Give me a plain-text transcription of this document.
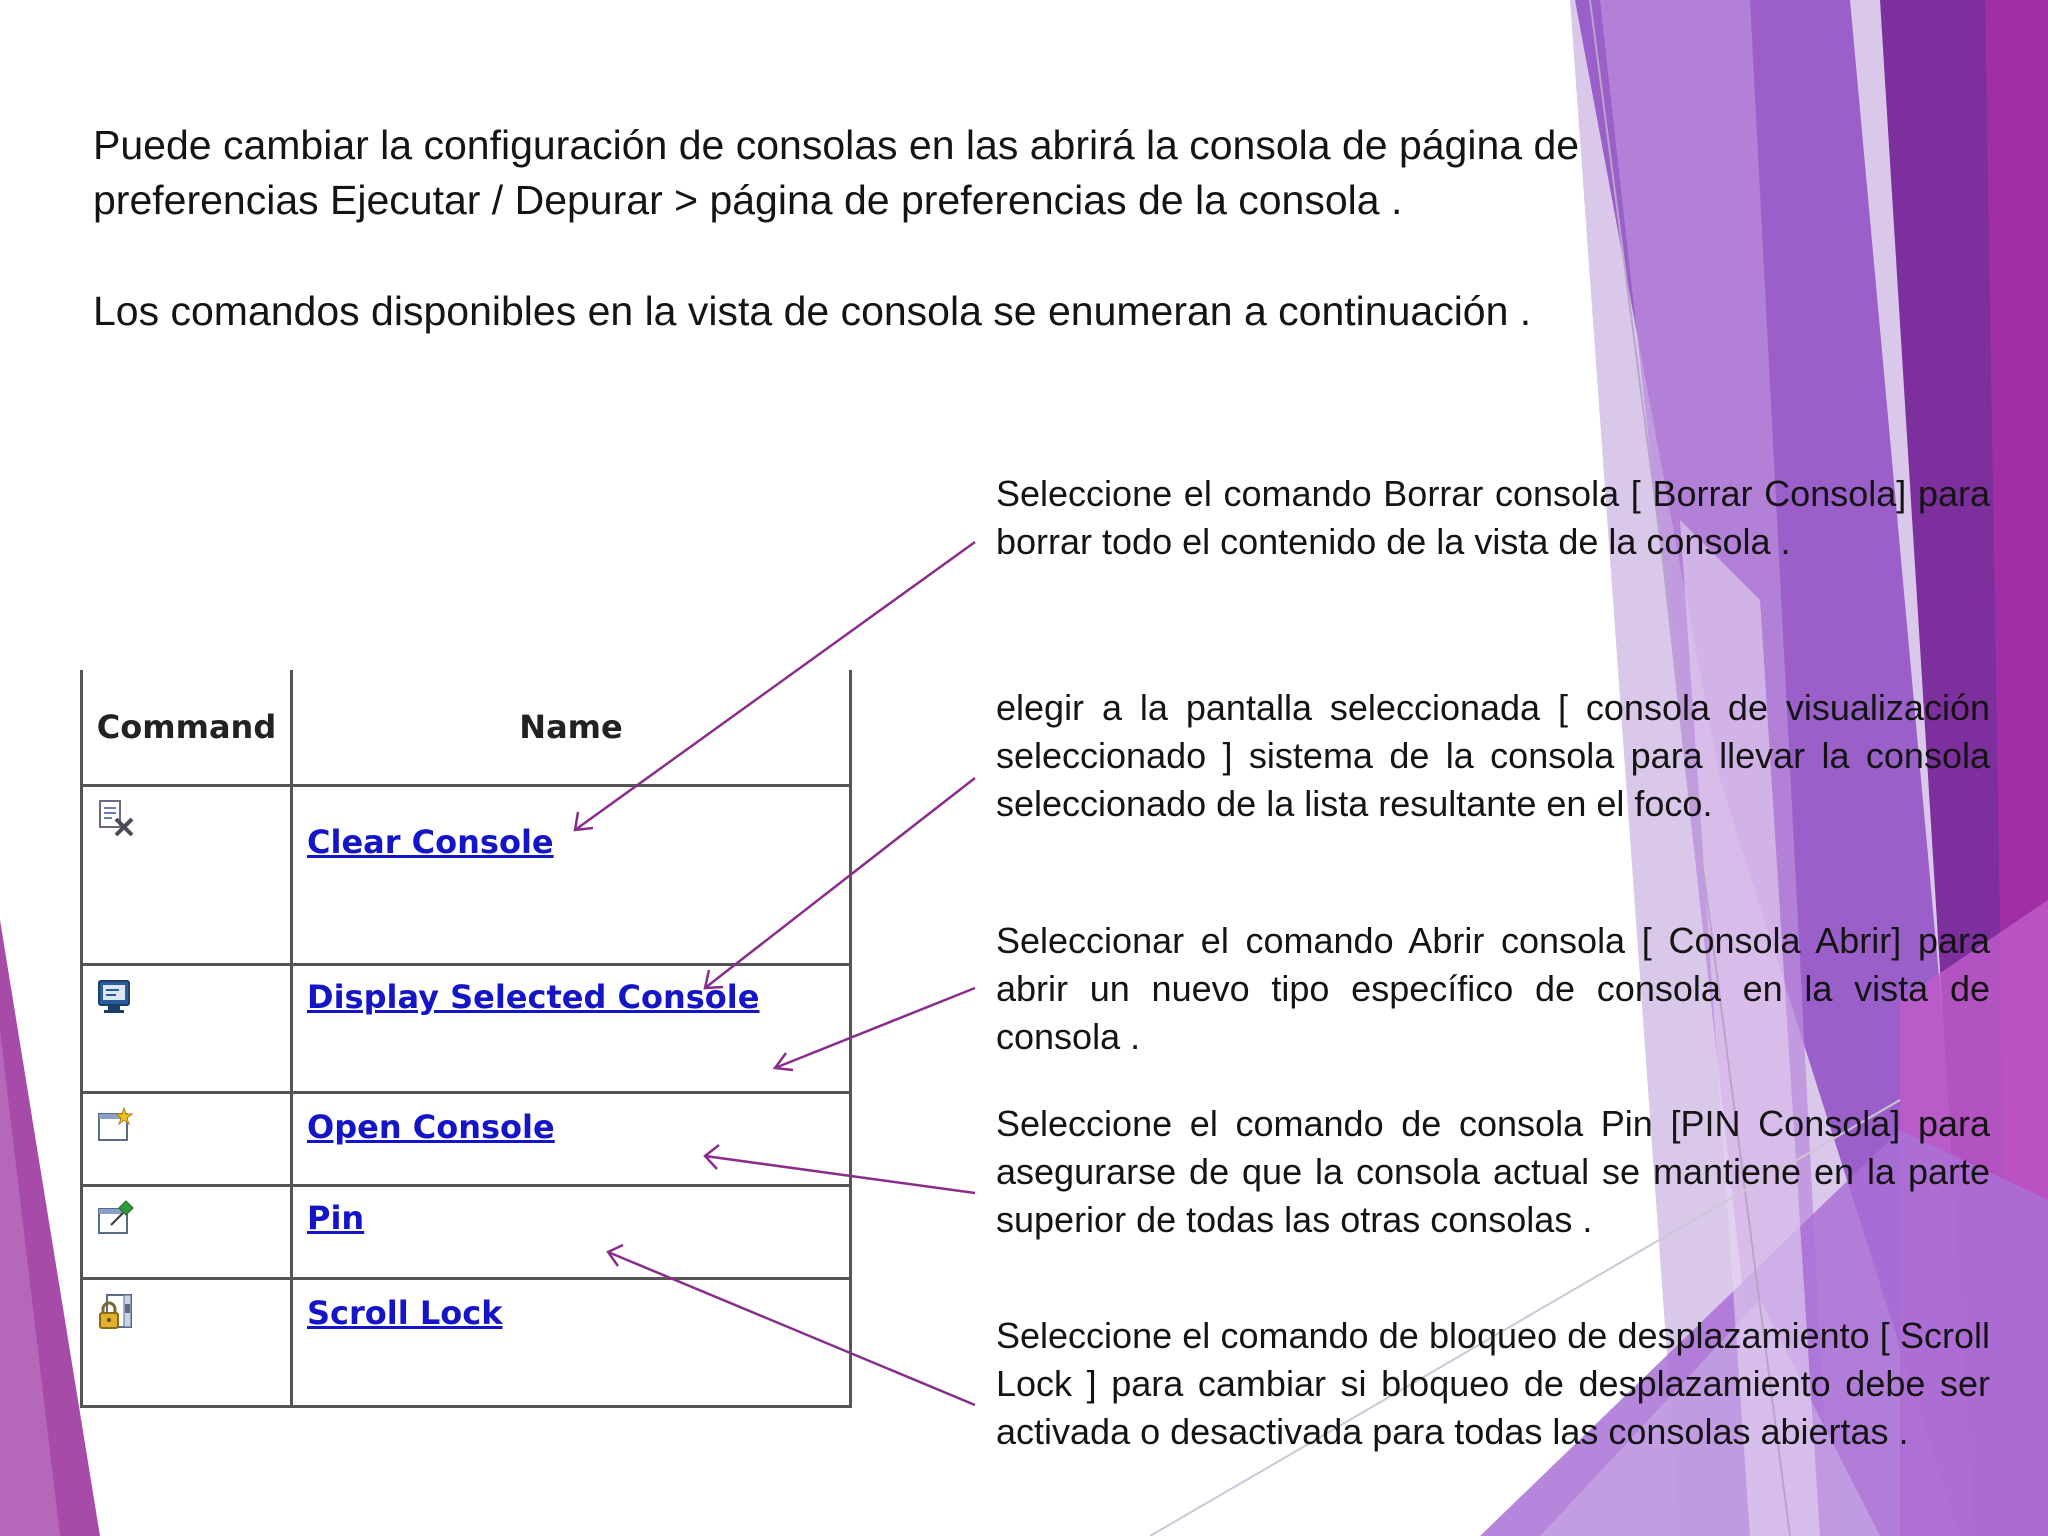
Puede cambiar la configuración de consolas en las abrirá la consola de página de preferencias Ejecutar / Depurar > página de preferencias de la consola .

Los comandos disponibles en la vista de consola se enumeran a continuación .

Command	Name

	Clear Console

	Display Selected Console

	Open Console

	Pin

	Scroll Lock

Seleccione el comando Borrar consola [ Borrar Consola] para borrar todo el contenido de la vista de la consola .

elegir a la pantalla seleccionada [ consola de visualización seleccionado ] sistema de la consola para llevar la consola seleccionado de la lista resultante en el foco.

Seleccionar el comando Abrir consola [ Consola Abrir] para abrir un nuevo tipo específico de consola en la vista de consola .

Seleccione el comando de consola Pin [PIN Consola] para asegurarse de que la consola actual se mantiene en la parte superior de todas las otras consolas .

Seleccione el comando de bloqueo de desplazamiento [ Scroll Lock ] para cambiar si bloqueo de desplazamiento debe ser activada o desactivada para todas las consolas abiertas .
